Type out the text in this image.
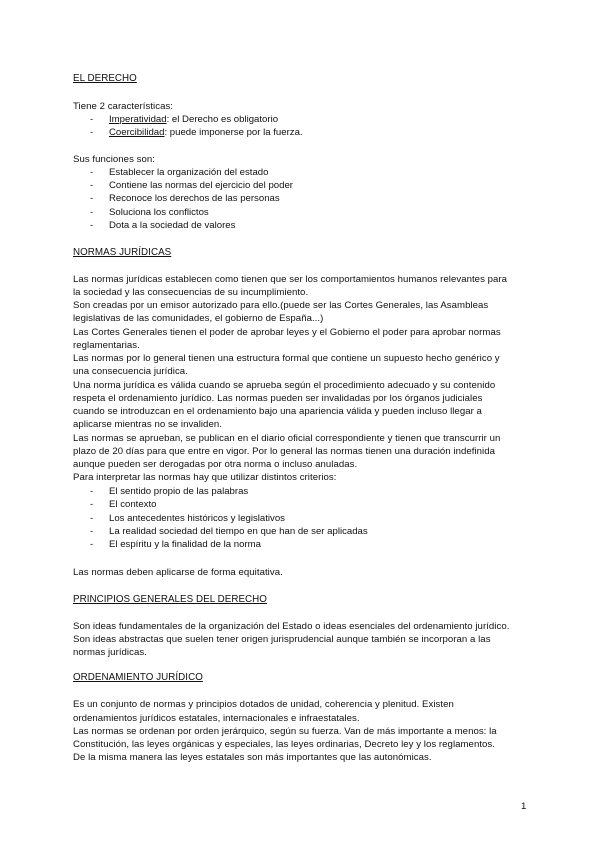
EL DERECHO
Tiene 2 características:
- Imperatividad: el Derecho es obligatorio
- Coercibilidad: puede imponerse por la fuerza.
Sus funciones son:
- Establecer la organización del estado
- Contiene las normas del ejercicio del poder
- Reconoce los derechos de las personas
- Soluciona los conflictos
- Dota a la sociedad de valores
NORMAS JURÍDICAS
Las normas jurídicas establecen como tienen que ser los comportamientos humanos relevantes para
la sociedad y las consecuencias de su incumplimiento.
Son creadas por un emisor autorizado para ello.(puede ser las Cortes Generales, las Asambleas
legislativas de las comunidades, el gobierno de España...)
Las Cortes Generales tienen el poder de aprobar leyes y el Gobierno el poder para aprobar normas
reglamentarias.
Las normas por lo general tienen una estructura formal que contiene un supuesto hecho genérico y
una consecuencia jurídica.
Una norma jurídica es válida cuando se aprueba según el procedimiento adecuado y su contenido
respeta el ordenamiento jurídico. Las normas pueden ser invalidadas por los órganos judiciales
cuando se introduzcan en el ordenamiento bajo una apariencia válida y pueden incluso llegar a
aplicarse mientras no se invaliden.
Las normas se aprueban, se publican en el diario oficial correspondiente y tienen que transcurrir un
plazo de 20 días para que entre en vigor. Por lo general las normas tienen una duración indefinida
aunque pueden ser derogadas por otra norma o incluso anuladas.
Para interpretar las normas hay que utilizar distintos criterios:
- El sentido propio de las palabras
- El contexto
- Los antecedentes históricos y legislativos
- La realidad sociedad del tiempo en que han de ser aplicadas
- El espíritu y la finalidad de la norma
Las normas deben aplicarse de forma equitativa.
PRINCIPIOS GENERALES DEL DERECHO
Son ideas fundamentales de la organización del Estado o ideas esenciales del ordenamiento jurídico.
Son ideas abstractas que suelen tener origen jurisprudencial aunque también se incorporan a las
normas jurídicas.
ORDENAMIENTO JURÍDICO
Es un conjunto de normas y principios dotados de unidad, coherencia y plenitud. Existen
ordenamientos jurídicos estatales, internacionales e infraestatales.
Las normas se ordenan por orden jerárquico, según su fuerza. Van de más importante a menos: la
Constitución, las leyes orgánicas y especiales, las leyes ordinarias, Decreto ley y los reglamentos.
De la misma manera las leyes estatales son más importantes que las autonómicas.
1
